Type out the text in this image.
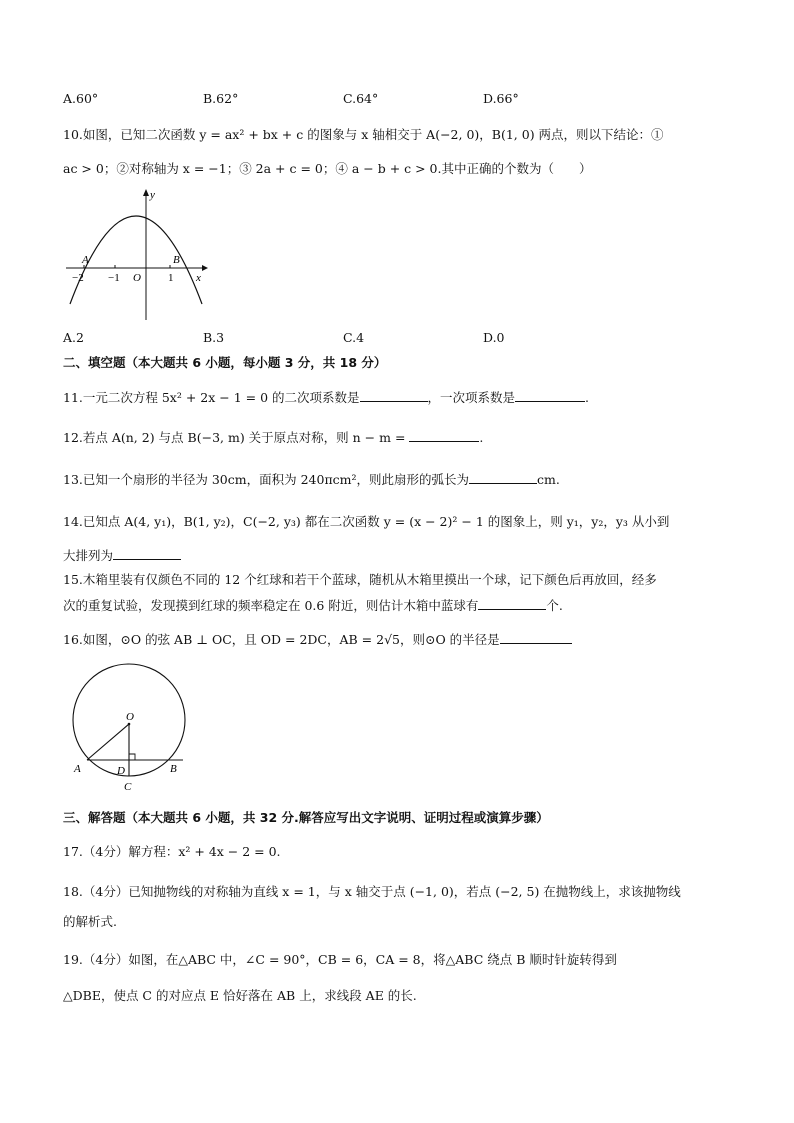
A.60°	B.62°	C.64°	D.66°
10.如图，已知二次函数 y = ax² + bx + c 的图象与 x 轴相交于 A(−2, 0)，B(1, 0) 两点，则以下结论：①
ac > 0；②对称轴为 x = −1；③ 2a + c = 0；④ a − b + c > 0.其中正确的个数为（　　）
y
x
A	B
O
−2 −1	1
A.2	B.3	C.4	D.0
二、填空题（本大题共 6 小题，每小题 3 分，共 18 分）
11.一元二次方程 5x² + 2x − 1 = 0 的二次项系数是	，一次项系数是	.
12.若点 A(n, 2) 与点 B(−3, m) 关于原点对称，则 n − m =	.
13.已知一个扇形的半径为 30cm，面积为 240πcm²，则此扇形的弧长为	cm.
14.已知点 A(4, y₁)，B(1, y₂)，C(−2, y₃) 都在二次函数 y = (x − 2)² − 1 的图象上，则 y₁，y₂，y₃ 从小到
大排列为
15.木箱里装有仅颜色不同的 12 个红球和若干个蓝球，随机从木箱里摸出一个球，记下颜色后再放回，经多
次的重复试验，发现摸到红球的频率稳定在 0.6 附近，则估计木箱中蓝球有	个.
16.如图，⊙O 的弦 AB ⊥ OC，且 OD = 2DC，AB = 2√5，则⊙O 的半径是
O
A	B
D
C
三、解答题（本大题共 6 小题，共 32 分.解答应写出文字说明、证明过程或演算步骤）
17.（4分）解方程：x² + 4x − 2 = 0.
18.（4分）已知抛物线的对称轴为直线 x = 1，与 x 轴交于点 (−1, 0)，若点 (−2, 5) 在抛物线上，求该抛物线
的解析式.
19.（4分）如图，在△ABC 中，∠C = 90°，CB = 6，CA = 8，将△ABC 绕点 B 顺时针旋转得到
△DBE，使点 C 的对应点 E 恰好落在 AB 上，求线段 AE 的长.
